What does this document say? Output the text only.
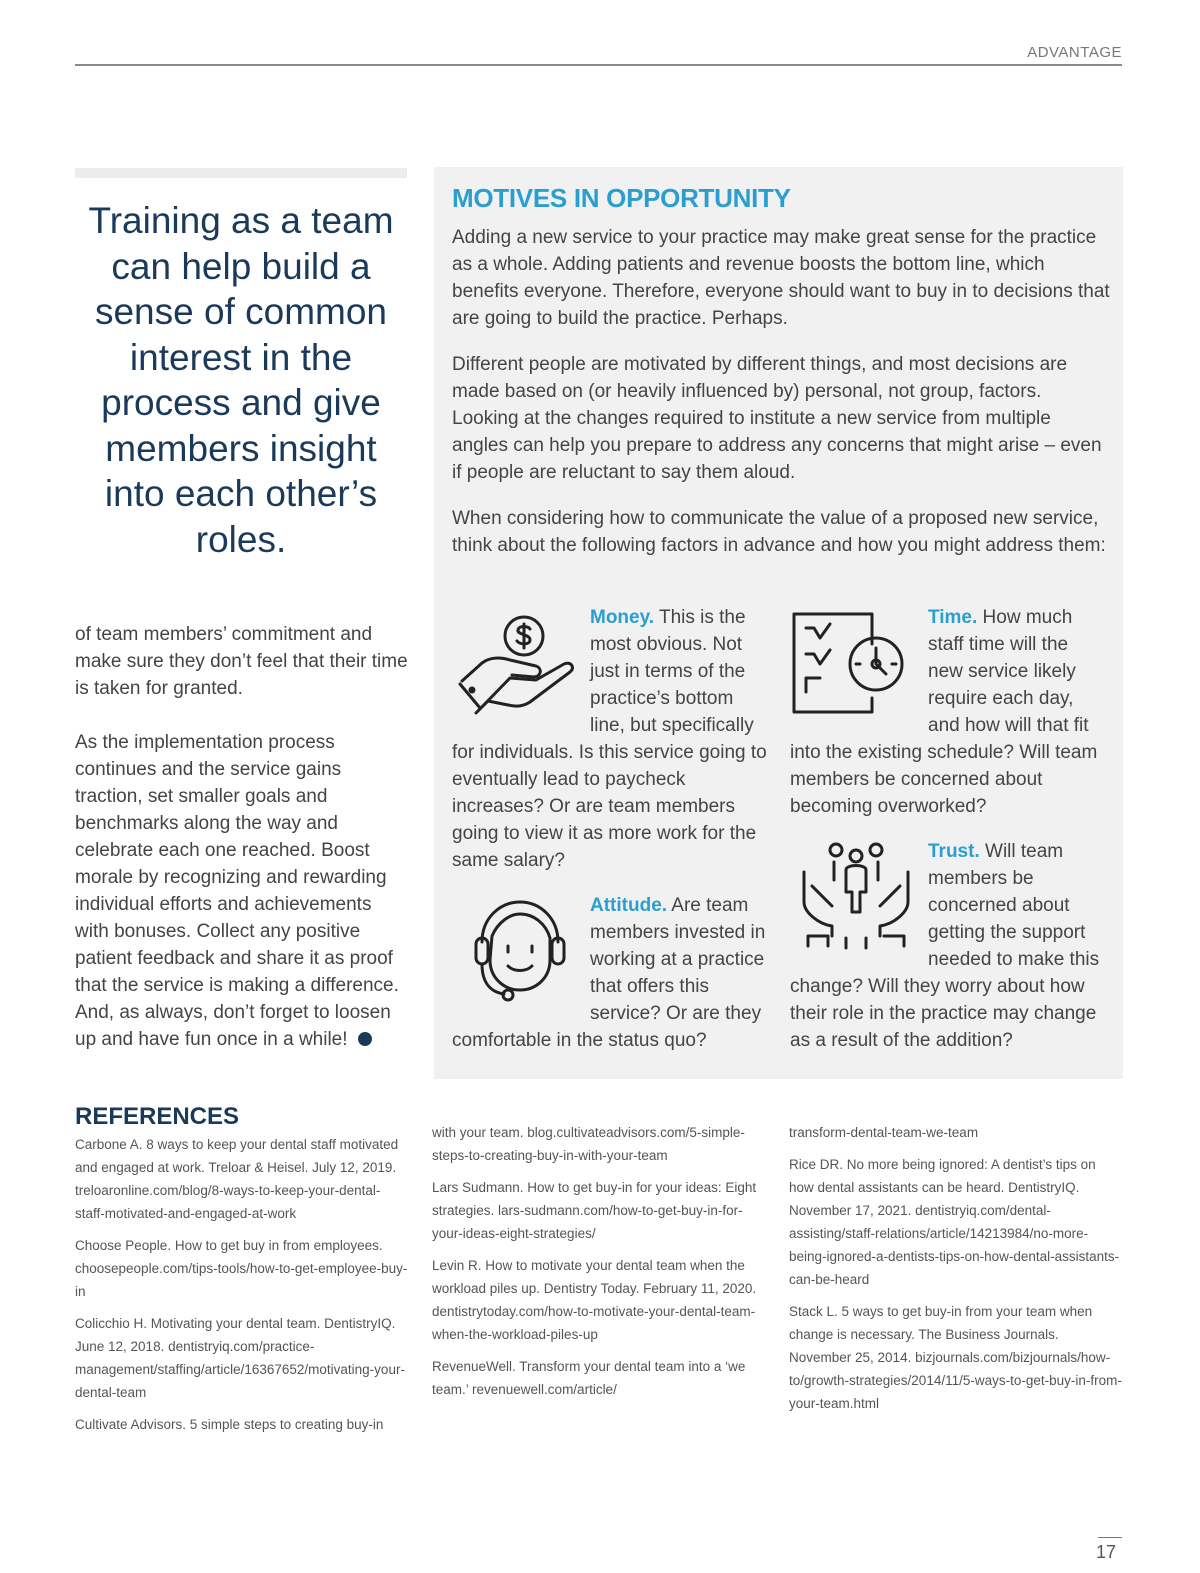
ADVANTAGE

Training as a team can help build a sense of common interest in the process and give members insight into each other’s roles.

of team members’ commitment and make sure they don’t feel that their time is taken for granted.

As the implementation process continues and the service gains traction, set smaller goals and benchmarks along the way and celebrate each one reached. Boost morale by recognizing and rewarding individual efforts and achievements with bonuses. Collect any positive patient feedback and share it as proof that the service is making a difference. And, as always, don’t forget to loosen up and have fun once in a while!

MOTIVES IN OPPORTUNITY

Adding a new service to your practice may make great sense for the practice as a whole. Adding patients and revenue boosts the bottom line, which benefits everyone. Therefore, everyone should want to buy in to decisions that are going to build the practice. Perhaps.

Different people are motivated by different things, and most decisions are made based on (or heavily influenced by) personal, not group, factors. Looking at the changes required to institute a new service from multiple angles can help you prepare to address any concerns that might arise – even if people are reluctant to say them aloud.

When considering how to communicate the value of a proposed new service, think about the following factors in advance and how you might address them:

Money. This is the most obvious. Not just in terms of the practice’s bottom line, but specifically for individuals. Is this service going to eventually lead to paycheck increases? Or are team members going to view it as more work for the same salary?
Attitude. Are team members invested in working at a practice that offers this service? Or are they comfortable in the status quo?
Time. How much staff time will the new service likely require each day, and how will that fit into the existing schedule? Will team members be concerned about becoming overworked?
Trust. Will team members be concerned about getting the support needed to make this change? Will they worry about how their role in the practice may change as a result of the addition?
REFERENCES

Carbone A. 8 ways to keep your dental staff motivated and engaged at work. Treloar & Heisel. July 12, 2019. treloaronline.com/blog/8-ways-to-keep-your-dental-staff-motivated-and-engaged-at-work

Choose People. How to get buy in from employees. choosepeople.com/tips-tools/how-to-get-employee-buy-in

Colicchio H. Motivating your dental team. DentistryIQ. June 12, 2018. dentistryiq.com/practice-management/staffing/article/16367652/motivating-your-dental-team

Cultivate Advisors. 5 simple steps to creating buy-in

with your team. blog.cultivateadvisors.com/5-simple-steps-to-creating-buy-in-with-your-team

Lars Sudmann. How to get buy-in for your ideas: Eight strategies. lars-sudmann.com/how-to-get-buy-in-for-your-ideas-eight-strategies/

Levin R. How to motivate your dental team when the workload piles up. Dentistry Today. February 11, 2020. dentistrytoday.com/how-to-motivate-your-dental-team-when-the-workload-piles-up

RevenueWell. Transform your dental team into a ‘we team.’ revenuewell.com/article/

transform-dental-team-we-team

Rice DR. No more being ignored: A dentist’s tips on how dental assistants can be heard. DentistryIQ. November 17, 2021. dentistryiq.com/dental-assisting/staff-relations/article/14213984/no-more-being-ignored-a-dentists-tips-on-how-dental-assistants-can-be-heard

Stack L. 5 ways to get buy-in from your team when change is necessary. The Business Journals. November 25, 2014. bizjournals.com/bizjournals/how-to/growth-strategies/2014/11/5-ways-to-get-buy-in-from-your-team.html

17
